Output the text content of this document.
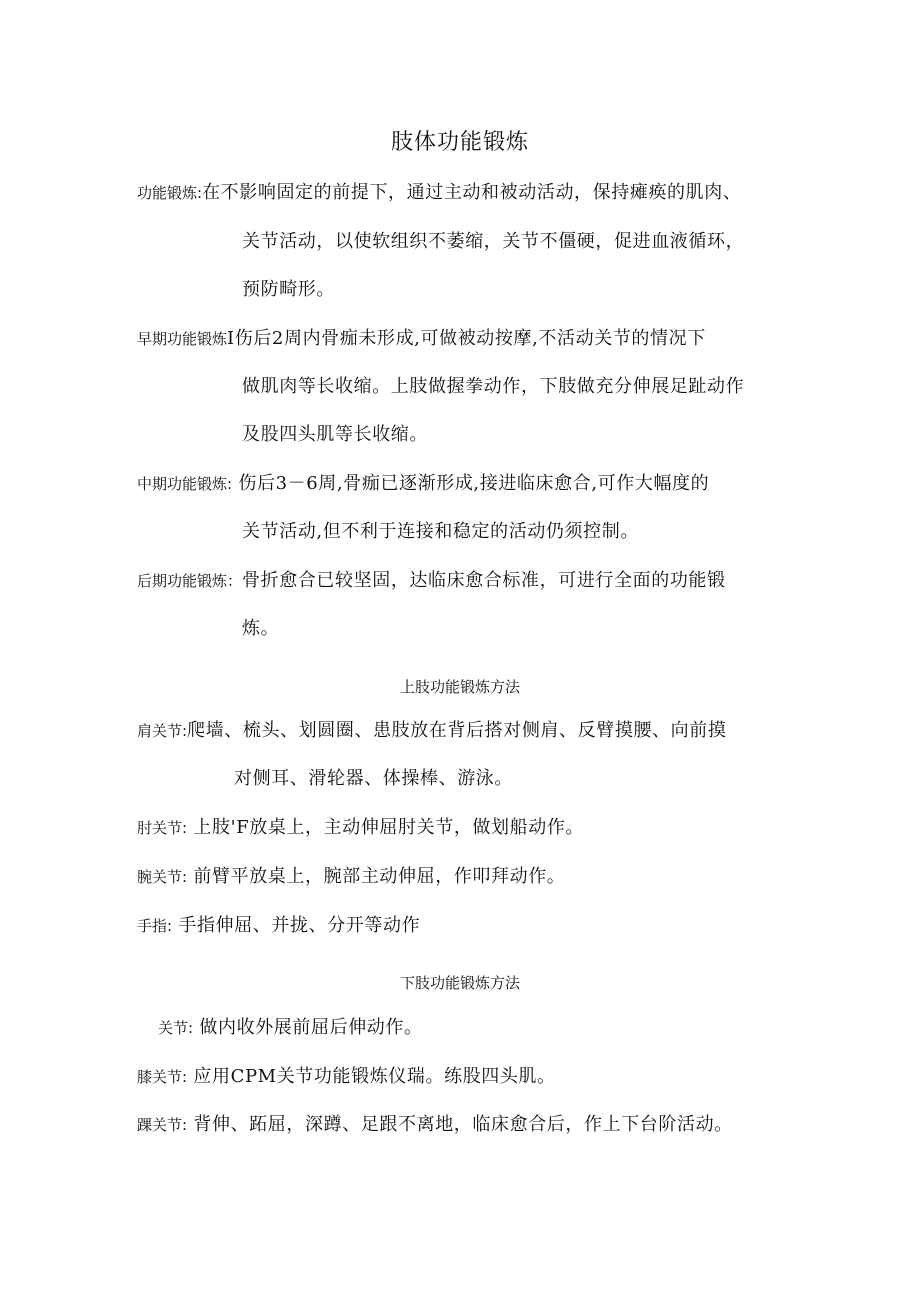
肢体功能锻炼
功能锻炼:在不影响固定的前提下，通过主动和被动活动，保持瘫痪的肌肉、
关节活动，以使软组织不萎缩，关节不僵硬，促进血液循环，
预防畸形。
早期功能锻炼I伤后2周内骨痂未形成,可做被动按摩,不活动关节的情况下
做肌肉等长收缩。上肢做握拳动作，下肢做充分伸展足趾动作
及股四头肌等长收缩。
中期功能锻炼: 伤后3－6周,骨痂已逐渐形成,接进临床愈合,可作大幅度的
关节活动,但不利于连接和稳定的活动仍须控制。
后期功能锻炼：骨折愈合已较坚固，达临床愈合标准，可进行全面的功能锻
炼。
上肢功能锻炼方法
肩关节:爬墙、梳头、划圆圈、患肢放在背后搭对侧肩、反臂摸腰、向前摸
对侧耳、滑轮器、体操棒、游泳。
肘关节: 上肢'F放桌上，主动伸屈肘关节，做划船动作。
腕关节: 前臂平放桌上，腕部主动伸屈，作叩拜动作。
手指: 手指伸屈、并拢、分开等动作
下肢功能锻炼方法
关节: 做内收外展前屈后伸动作。
膝关节: 应用CPM关节功能锻炼仪瑞。练股四头肌。
踝关节: 背伸、跖屈，深蹲、足跟不离地，临床愈合后，作上下台阶活动。
